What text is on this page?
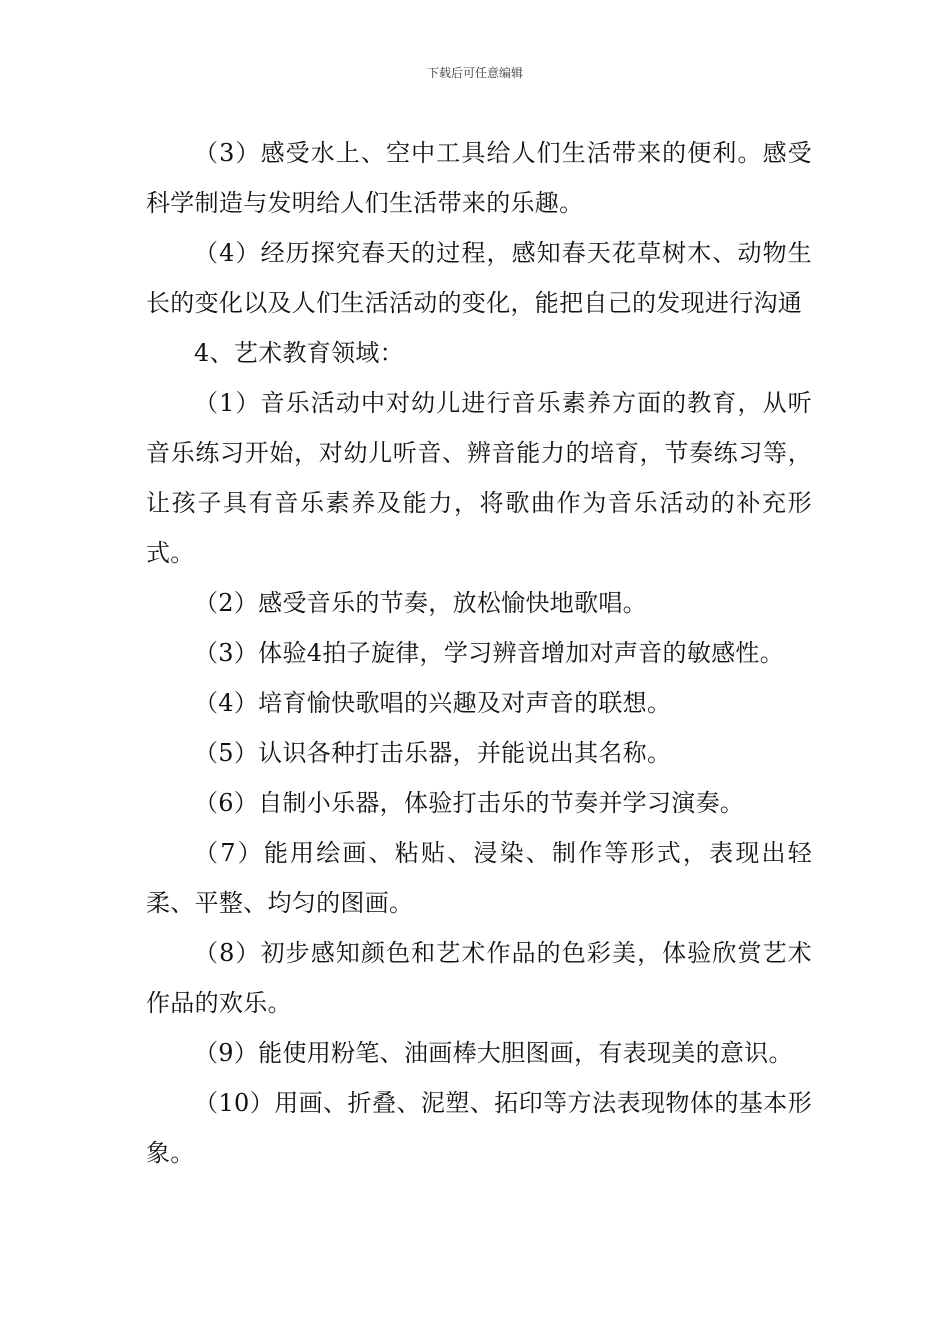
下载后可任意编辑

（3）感受水上、空中工具给人们生活带来的便利。感受科学制造与发明给人们生活带来的乐趣。

（4）经历探究春天的过程，感知春天花草树木、动物生长的变化以及人们生活活动的变化，能把自己的发现进行沟通

4、艺术教育领域：

（1）音乐活动中对幼儿进行音乐素养方面的教育，从听音乐练习开始，对幼儿听音、辨音能力的培育，节奏练习等，让孩子具有音乐素养及能力，将歌曲作为音乐活动的补充形式。

（2）感受音乐的节奏，放松愉快地歌唱。

（3）体验4拍子旋律，学习辨音增加对声音的敏感性。

（4）培育愉快歌唱的兴趣及对声音的联想。

（5）认识各种打击乐器，并能说出其名称。

（6）自制小乐器，体验打击乐的节奏并学习演奏。

（7）能用绘画、粘贴、浸染、制作等形式，表现出轻柔、平整、均匀的图画。

（8）初步感知颜色和艺术作品的色彩美，体验欣赏艺术作品的欢乐。

（9）能使用粉笔、油画棒大胆图画，有表现美的意识。

（10）用画、折叠、泥塑、拓印等方法表现物体的基本形象。
